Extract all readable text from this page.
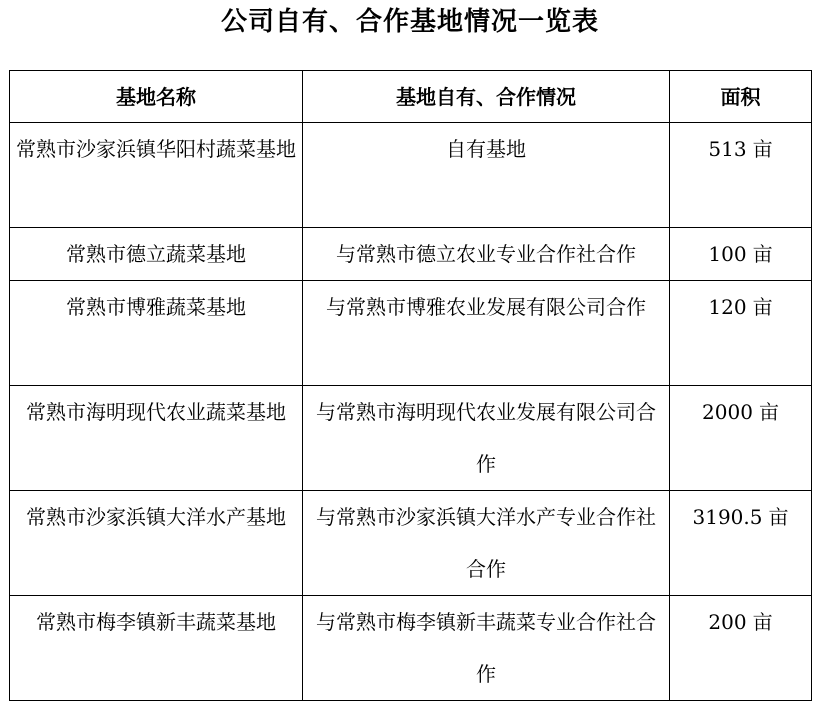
公司自有、合作基地情况一览表
基地名称	基地自有、合作情况	面积
常熟市沙家浜镇华阳村蔬菜基地	自有基地	513 亩
常熟市德立蔬菜基地	与常熟市德立农业专业合作社合作	100 亩
常熟市博雅蔬菜基地	与常熟市博雅农业发展有限公司合作	120 亩
常熟市海明现代农业蔬菜基地	与常熟市海明现代农业发展有限公司合作	2000 亩
常熟市沙家浜镇大洋水产基地	与常熟市沙家浜镇大洋水产专业合作社合作	3190.5 亩
常熟市梅李镇新丰蔬菜基地	与常熟市梅李镇新丰蔬菜专业合作社合作	200 亩
